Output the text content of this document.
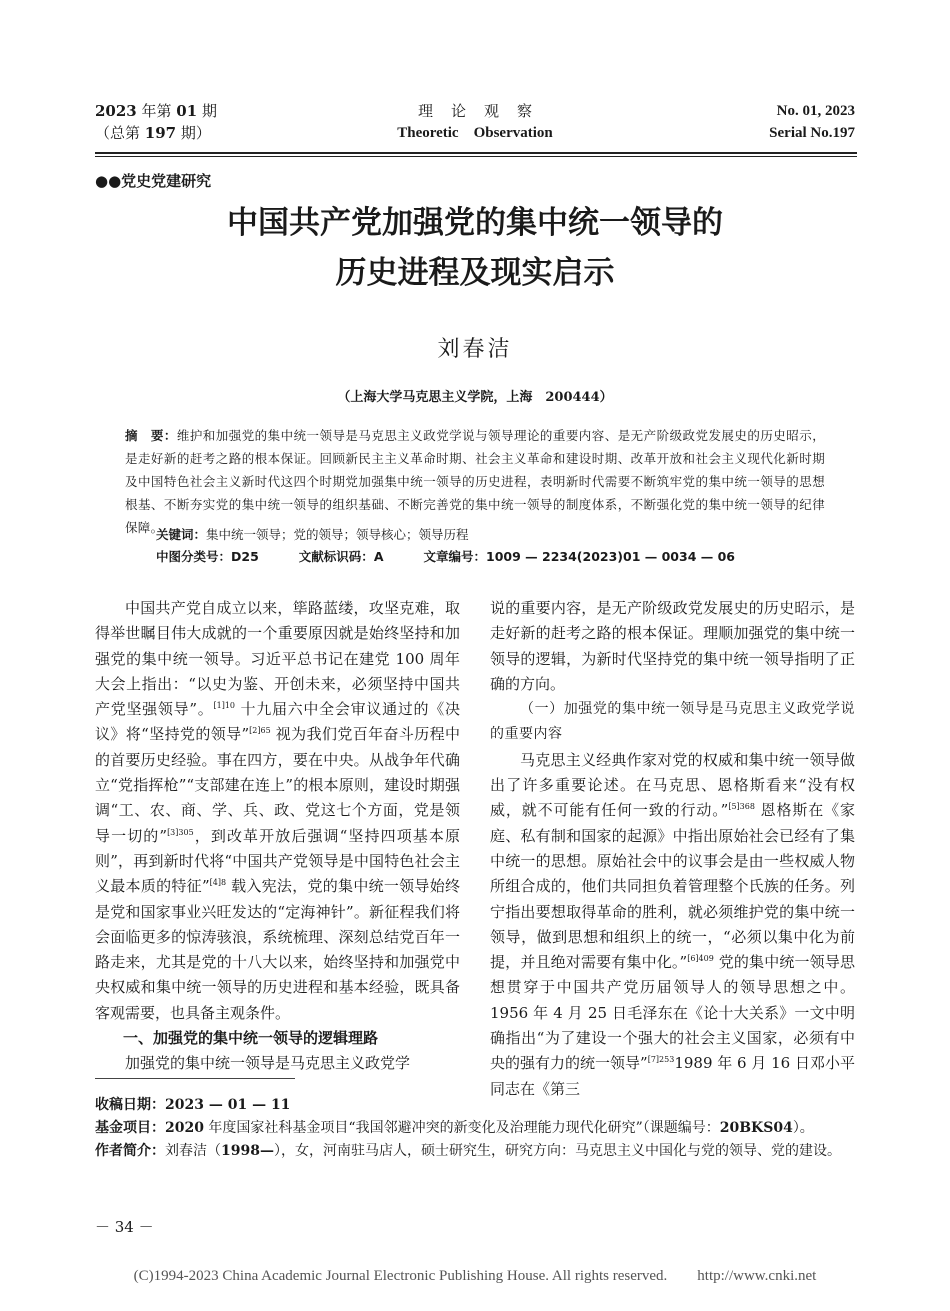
2023 年第 01 期
（总第 197 期）
理论观察
Theoretic　Observation
No. 01, 2023
Serial No.197
●●党史党建研究
中国共产党加强党的集中统一领导的
历史进程及现实启示
刘春洁
（上海大学马克思主义学院，上海　200444）
摘　要：维护和加强党的集中统一领导是马克思主义政党学说与领导理论的重要内容、是无产阶级政党发展史的历史昭示，是走好新的赶考之路的根本保证。回顾新民主主义革命时期、社会主义革命和建设时期、改革开放和社会主义现代化新时期及中国特色社会主义新时代这四个时期党加强集中统一领导的历史进程，表明新时代需要不断筑牢党的集中统一领导的思想根基、不断夯实党的集中统一领导的组织基础、不断完善党的集中统一领导的制度体系，不断强化党的集中统一领导的纪律保障。
关键词：集中统一领导；党的领导；领导核心；领导历程
中图分类号：D25	文献标识码：A	文章编号：1009 — 2234(2023)01 — 0034 — 06

中国共产党自成立以来，筚路蓝缕，攻坚克难，取得举世瞩目伟大成就的一个重要原因就是始终坚持和加强党的集中统一领导。习近平总书记在建党 100 周年大会上指出：“以史为鉴、开创未来，必须坚持中国共产党坚强领导”。$^{[1]10}$ 十九届六中全会审议通过的《决议》将“坚持党的领导”$^{[2]65}$ 视为我们党百年奋斗历程中的首要历史经验。事在四方，要在中央。从战争年代确立“党指挥枪”“支部建在连上”的根本原则，建设时期强调“工、农、商、学、兵、政、党这七个方面，党是领导一切的”$^{[3]305}$，到改革开放后强调“坚持四项基本原则”，再到新时代将“中国共产党领导是中国特色社会主义最本质的特征”$^{[4]8}$ 载入宪法，党的集中统一领导始终是党和国家事业兴旺发达的“定海神针”。新征程我们将会面临更多的惊涛骇浪，系统梳理、深刻总结党百年一路走来，尤其是党的十八大以来，始终坚持和加强党中央权威和集中统一领导的历史进程和基本经验，既具备客观需要，也具备主观条件。

一、加强党的集中统一领导的逻辑理路

加强党的集中统一领导是马克思主义政党学

说的重要内容，是无产阶级政党发展史的历史昭示，是走好新的赶考之路的根本保证。理顺加强党的集中统一领导的逻辑，为新时代坚持党的集中统一领导指明了正确的方向。

（一）加强党的集中统一领导是马克思主义政党学说的重要内容

马克思主义经典作家对党的权威和集中统一领导做出了许多重要论述。在马克思、恩格斯看来“没有权威，就不可能有任何一致的行动。”$^{[5]368}$ 恩格斯在《家庭、私有制和国家的起源》中指出原始社会已经有了集中统一的思想。原始社会中的议事会是由一些权威人物所组合成的，他们共同担负着管理整个氏族的任务。列宁指出要想取得革命的胜利，就必须维护党的集中统一领导，做到思想和组织上的统一，“必须以集中化为前提，并且绝对需要有集中化。”$^{[6]409}$ 党的集中统一领导思想贯穿于中国共产党历届领导人的领导思想之中。1956 年 4 月 25 日毛泽东在《论十大关系》一文中明确指出“为了建设一个强大的社会主义国家，必须有中央的强有力的统一领导”$^{[7]253}$1989 年 6 月 16 日邓小平同志在《第三

收稿日期：2023 — 01 — 11

基金项目：2020 年度国家社科基金项目“我国邻避冲突的新变化及治理能力现代化研究”（课题编号：20BKS04）。

作者简介：刘春洁（1998—），女，河南驻马店人，硕士研究生，研究方向：马克思主义中国化与党的领导、党的建设。

－ 34 －
(C)1994-2023 China Academic Journal Electronic Publishing House. All rights reserved.　　http://www.cnki.net
